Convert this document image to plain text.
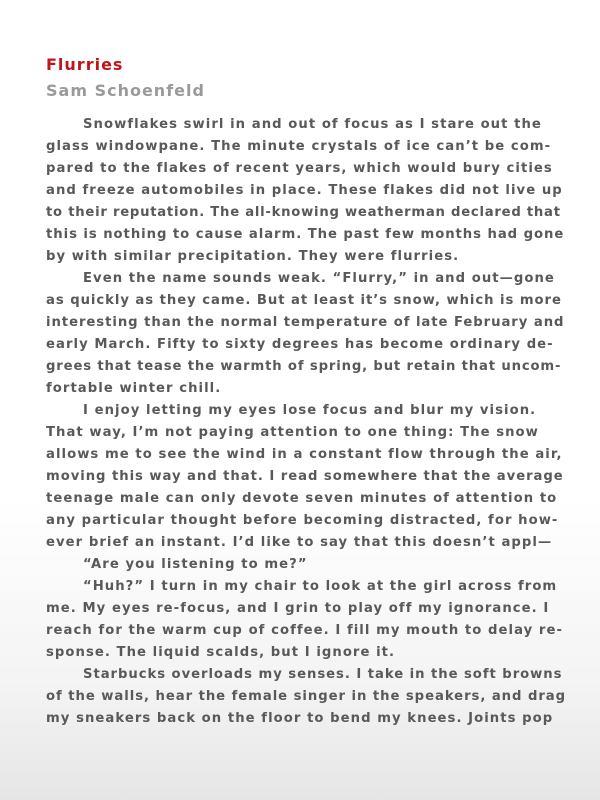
Flurries
Sam Schoenfeld
Snowflakes swirl in and out of focus as I stare out the
glass windowpane. The minute crystals of ice can’t be com-
pared to the flakes of recent years, which would bury cities
and freeze automobiles in place. These flakes did not live up
to their reputation. The all-knowing weatherman declared that
this is nothing to cause alarm. The past few months had gone
by with similar precipitation. They were flurries.
Even the name sounds weak. “Flurry,” in and out—gone
as quickly as they came. But at least it’s snow, which is more
interesting than the normal temperature of late February and
early March. Fifty to sixty degrees has become ordinary de-
grees that tease the warmth of spring, but retain that uncom-
fortable winter chill.
I enjoy letting my eyes lose focus and blur my vision.
That way, I’m not paying attention to one thing: The snow
allows me to see the wind in a constant flow through the air,
moving this way and that. I read somewhere that the average
teenage male can only devote seven minutes of attention to
any particular thought before becoming distracted, for how-
ever brief an instant. I’d like to say that this doesn’t appl—
“Are you listening to me?”
“Huh?” I turn in my chair to look at the girl across from
me. My eyes re-focus, and I grin to play off my ignorance. I
reach for the warm cup of coffee. I fill my mouth to delay re-
sponse. The liquid scalds, but I ignore it.
Starbucks overloads my senses. I take in the soft browns
of the walls, hear the female singer in the speakers, and drag
my sneakers back on the floor to bend my knees. Joints pop
